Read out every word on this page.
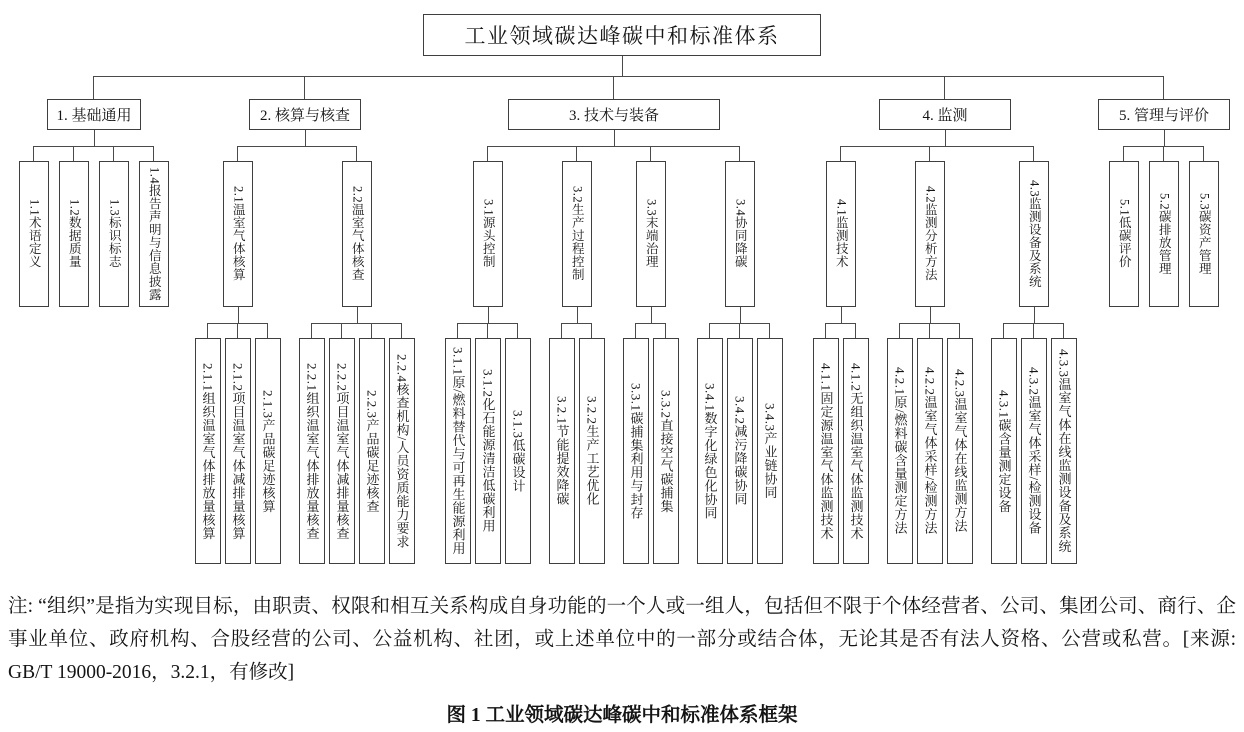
工业领域碳达峰碳中和标准体系
1. 基础通用
1.1术语定义 1.2数据质量 1.3标识标志 1.4报告声明与信息披露
2. 核算与核查
2.1温室气体核算
2.1.1组织温室气体排放量核算 2.1.2项目温室气体减排量核算 2.1.3产品碳足迹核算
2.2温室气体核查
2.2.1组织温室气体排放量核查 2.2.2项目温室气体减排量核查 2.2.3产品碳足迹核查 2.2.4核查机构/人员资质能力要求
3. 技术与装备
3.1源头控制
3.1.1原/燃料替代与可再生能源利用 3.1.2化石能源清洁低碳利用 3.1.3低碳设计
3.2生产过程控制
3.2.1节能提效降碳 3.2.2生产工艺优化
3.3末端治理
3.3.1碳捕集利用与封存 3.3.2直接空气碳捕集
3.4协同降碳
3.4.1数字化绿色化协同 3.4.2减污降碳协同 3.4.3产业链协同
4. 监测
4.1监测技术
4.1.1固定源温室气体监测技术 4.1.2无组织温室气体监测技术
4.2监测分析方法
4.2.1原/燃料碳含量测定方法 4.2.2温室气体采样/检测方法 4.2.3温室气体在线监测方法
4.3监测设备及系统
4.3.1碳含量测定设备 4.3.2温室气体采样/检测设备 4.3.3温室气体在线监测设备及系统
5. 管理与评价
5.1低碳评价 5.2碳排放管理 5.3碳资产管理

注: “组织”是指为实现目标，由职责、权限和相互关系构成自身功能的一个人或一组人，包括但不限于个体经营者、公司、集团公司、商行、企事业单位、政府机构、合股经营的公司、公益机构、社团，或上述单位中的一部分或结合体，无论其是否有法人资格、公营或私营。[来源: GB/T 19000-2016，3.2.1，有修改]

图 1 工业领域碳达峰碳中和标准体系框架
